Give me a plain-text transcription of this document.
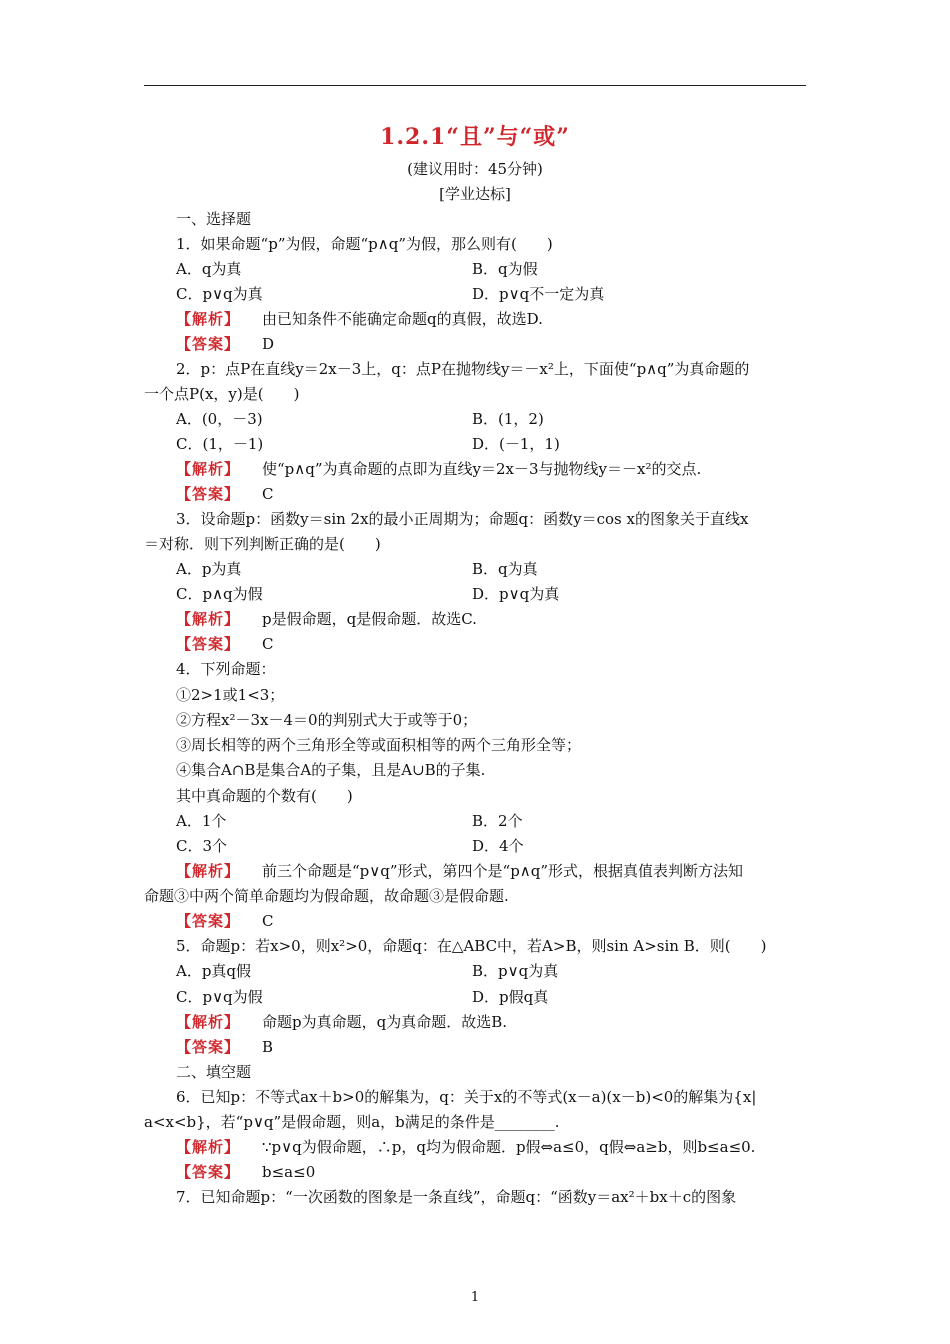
1.2.1“且”与“或”
(建议用时：45分钟)
[学业达标]
一、选择题
1．如果命题“p”为假，命题“p∧q”为假，那么则有(　　)
A．q为真	B．q为假
C．p∨q为真	D．p∨q不一定为真
【解析】 由已知条件不能确定命题q的真假，故选D.
【答案】 D
2．p：点P在直线y＝2x－3上，q：点P在抛物线y＝－x²上，下面使“p∧q”为真命题的
一个点P(x，y)是(　　)
A．(0，－3)	B．(1，2)
C．(1，－1)	D．(－1，1)
【解析】 使“p∧q”为真命题的点即为直线y＝2x－3与抛物线y＝－x²的交点.
【答案】 C
3．设命题p：函数y＝sin 2x的最小正周期为；命题q：函数y＝cos x的图象关于直线x
＝对称．则下列判断正确的是(　　)
A．p为真	B．q为真
C．p∧q为假	D．p∨q为真
【解析】 p是假命题，q是假命题．故选C.
【答案】 C
4．下列命题：
①2>1或1<3；
②方程x²－3x－4＝0的判别式大于或等于0；
③周长相等的两个三角形全等或面积相等的两个三角形全等；
④集合A∩B是集合A的子集，且是A∪B的子集.
其中真命题的个数有(　　)
A．1个	B．2个
C．3个	D．4个
【解析】 前三个命题是“p∨q”形式，第四个是“p∧q”形式，根据真值表判断方法知
命题③中两个简单命题均为假命题，故命题③是假命题.
【答案】 C
5．命题p：若x>0，则x²>0，命题q：在△ABC中，若A>B，则sin A>sin B．则(　　)
A．p真q假	B．p∨q为真
C．p∨q为假	D．p假q真
【解析】 命题p为真命题，q为真命题．故选B.
【答案】 B
二、填空题
6．已知p：不等式ax＋b>0的解集为，q：关于x的不等式(x－a)(x－b)<0的解集为{x|
a<x<b}，若“p∨q”是假命题，则a，b满足的条件是________.
【解析】 ∵p∨q为假命题，∴p，q均为假命题．p假⇔a≤0，q假⇔a≥b，则b≤a≤0.
【答案】 b≤a≤0
7．已知命题p：“一次函数的图象是一条直线”，命题q：“函数y＝ax²＋bx＋c的图象
1
